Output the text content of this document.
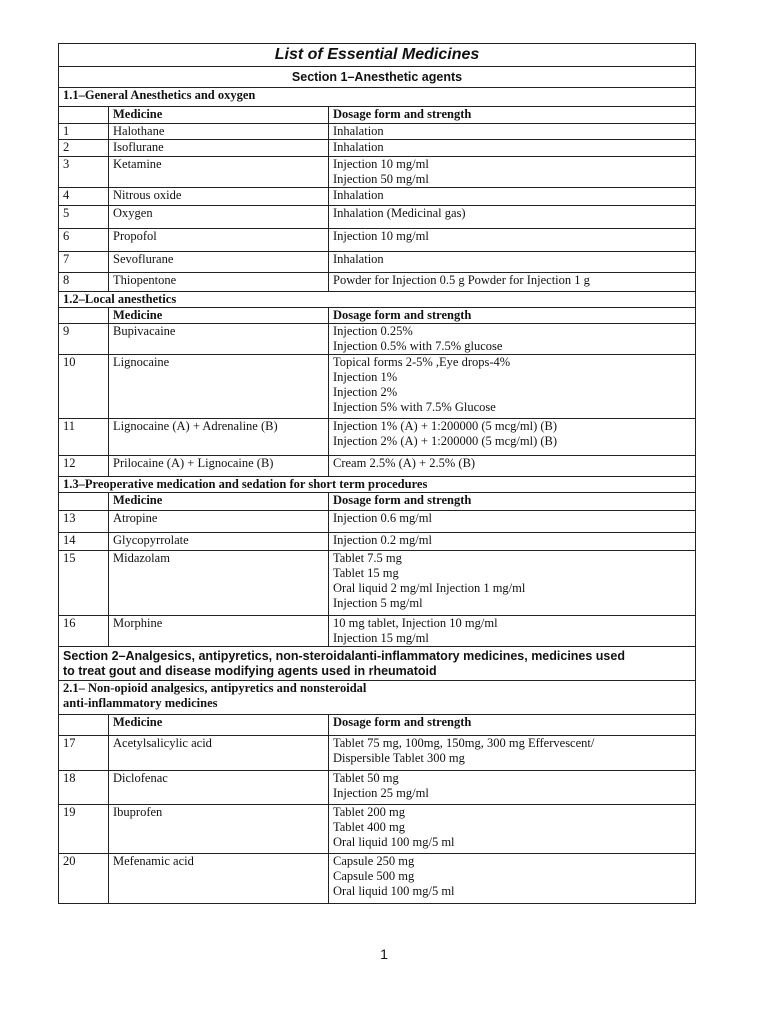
List of Essential Medicines		
Section 1–Anesthetic agents		
1.1–General Anesthetics and oxygen		
	Medicine	Dosage form and strength
1	Halothane	Inhalation

2	Isoflurane	Inhalation

3	Ketamine	Injection 10 mg/ml
Injection 50 mg/ml

4	Nitrous oxide	Inhalation

5	Oxygen	Inhalation (Medicinal gas)

6	Propofol	Injection 10 mg/ml

7	Sevoflurane	Inhalation

8	Thiopentone	Powder for Injection 0.5 g Powder for Injection 1 g

1.2–Local anesthetics		
	Medicine	Dosage form and strength
9	Bupivacaine	Injection 0.25%
Injection 0.5% with 7.5% glucose

10	Lignocaine	Topical forms 2-5% ,Eye drops-4%
Injection 1%
Injection 2%
Injection 5% with 7.5% Glucose

11	Lignocaine (A) + Adrenaline (B)	Injection 1% (A) + 1:200000 (5 mcg/ml) (B)
Injection 2% (A) + 1:200000 (5 mcg/ml) (B)

12	Prilocaine (A) + Lignocaine (B)	Cream 2.5% (A) + 2.5% (B)

1.3–Preoperative medication and sedation for short term procedures		
	Medicine	Dosage form and strength
13	Atropine	Injection 0.6 mg/ml

14	Glycopyrrolate	Injection 0.2 mg/ml

15	Midazolam	Tablet 7.5 mg
Tablet 15 mg
Oral liquid 2 mg/ml Injection 1 mg/ml
Injection 5 mg/ml

16	Morphine	10 mg tablet, Injection 10 mg/ml
Injection 15 mg/ml

Section 2–Analgesics, antipyretics, non-steroidalanti-inflammatory medicines, medicines used
to treat gout and disease modifying agents used in rheumatoid		

2.1– Non-opioid analgesics, antipyretics and nonsteroidal
anti-inflammatory medicines		

	Medicine	Dosage form and strength
17	Acetylsalicylic acid	Tablet 75 mg, 100mg, 150mg, 300 mg Effervescent/
Dispersible Tablet 300 mg

18	Diclofenac	Tablet 50 mg
Injection 25 mg/ml

19	Ibuprofen	Tablet 200 mg
Tablet 400 mg
Oral liquid 100 mg/5 ml

20	Mefenamic acid	Capsule 250 mg
Capsule 500 mg
Oral liquid 100 mg/5 ml
1
